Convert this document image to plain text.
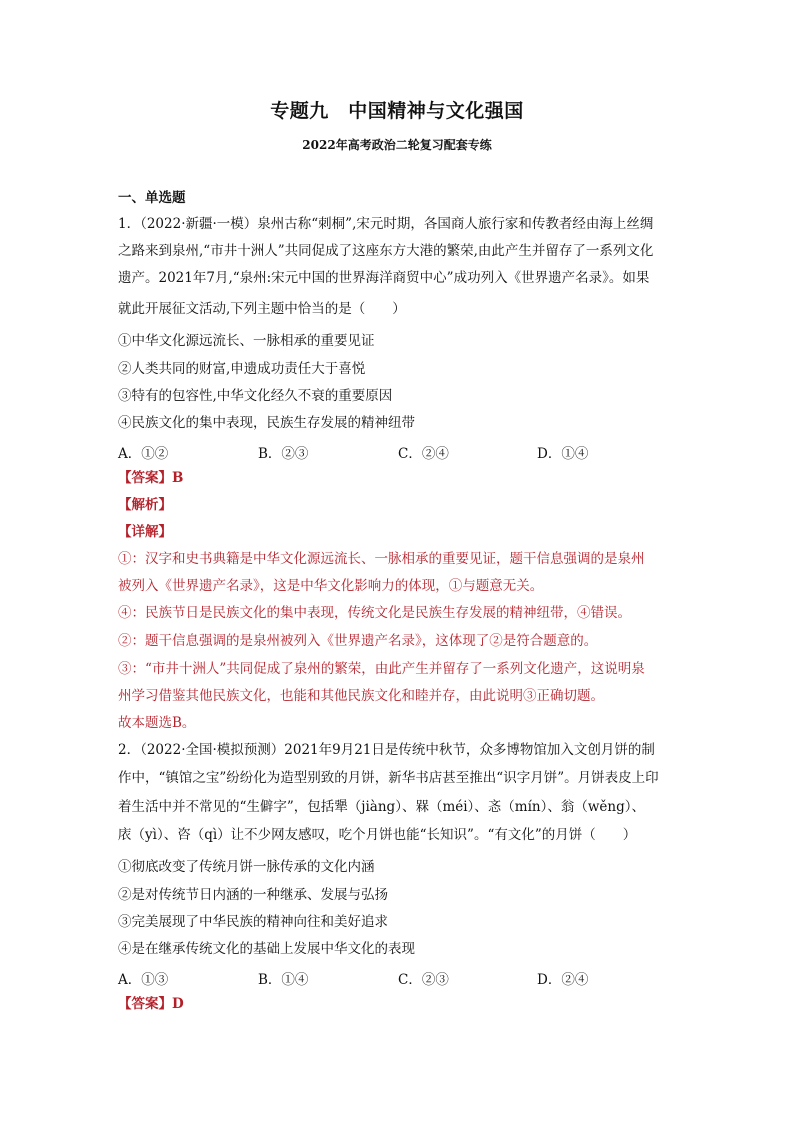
专题九　中国精神与文化强国
2022年高考政治二轮复习配套专练
一、单选题
1．（2022·新疆·一模）泉州古称“刺桐”,宋元时期，各国商人旅行家和传教者经由海上丝绸
之路来到泉州,“市井十洲人”共同促成了这座东方大港的繁荣,由此产生并留存了一系列文化
遗产。2021年7月,“泉州:宋元中国的世界海洋商贸中心”成功列入《世界遗产名录》。如果
就此开展征文活动,下列主题中恰当的是（　　）
①中华文化源远流长、一脉相承的重要见证
②人类共同的财富,申遗成功责任大于喜悦
③特有的包容性,中华文化经久不衰的重要原因
④民族文化的集中表现，民族生存发展的精神纽带
A．①②	B．②③	C．②④	D．①④
【答案】B
【解析】
【详解】
①：汉字和史书典籍是中华文化源远流长、一脉相承的重要见证，题干信息强调的是泉州
被列入《世界遗产名录》，这是中华文化影响力的体现，①与题意无关。
④：民族节日是民族文化的集中表现，传统文化是民族生存发展的精神纽带，④错误。
②：题干信息强调的是泉州被列入《世界遗产名录》，这体现了②是符合题意的。
③：“市井十洲人”共同促成了泉州的繁荣，由此产生并留存了一系列文化遗产，这说明泉
州学习借鉴其他民族文化，也能和其他民族文化和睦并存，由此说明③正确切题。
故本题选B。
2．（2022·全国·模拟预测）2021年9月21日是传统中秋节，众多博物馆加入文创月饼的制
作中，“镇馆之宝”纷纷化为造型别致的月饼，新华书店甚至推出“识字月饼”。月饼表皮上印
着生活中并不常见的“生僻字”，包括犟（jiàng）、槑（méi）、忞（mín）、翁（wěng）、
庡（yì）、咨（qì）让不少网友感叹，吃个月饼也能“长知识”。“有文化”的月饼（　　）
①彻底改变了传统月饼一脉传承的文化内涵
②是对传统节日内涵的一种继承、发展与弘扬
③完美展现了中华民族的精神向往和美好追求
④是在继承传统文化的基础上发展中华文化的表现
A．①③	B．①④	C．②③	D．②④
【答案】D
